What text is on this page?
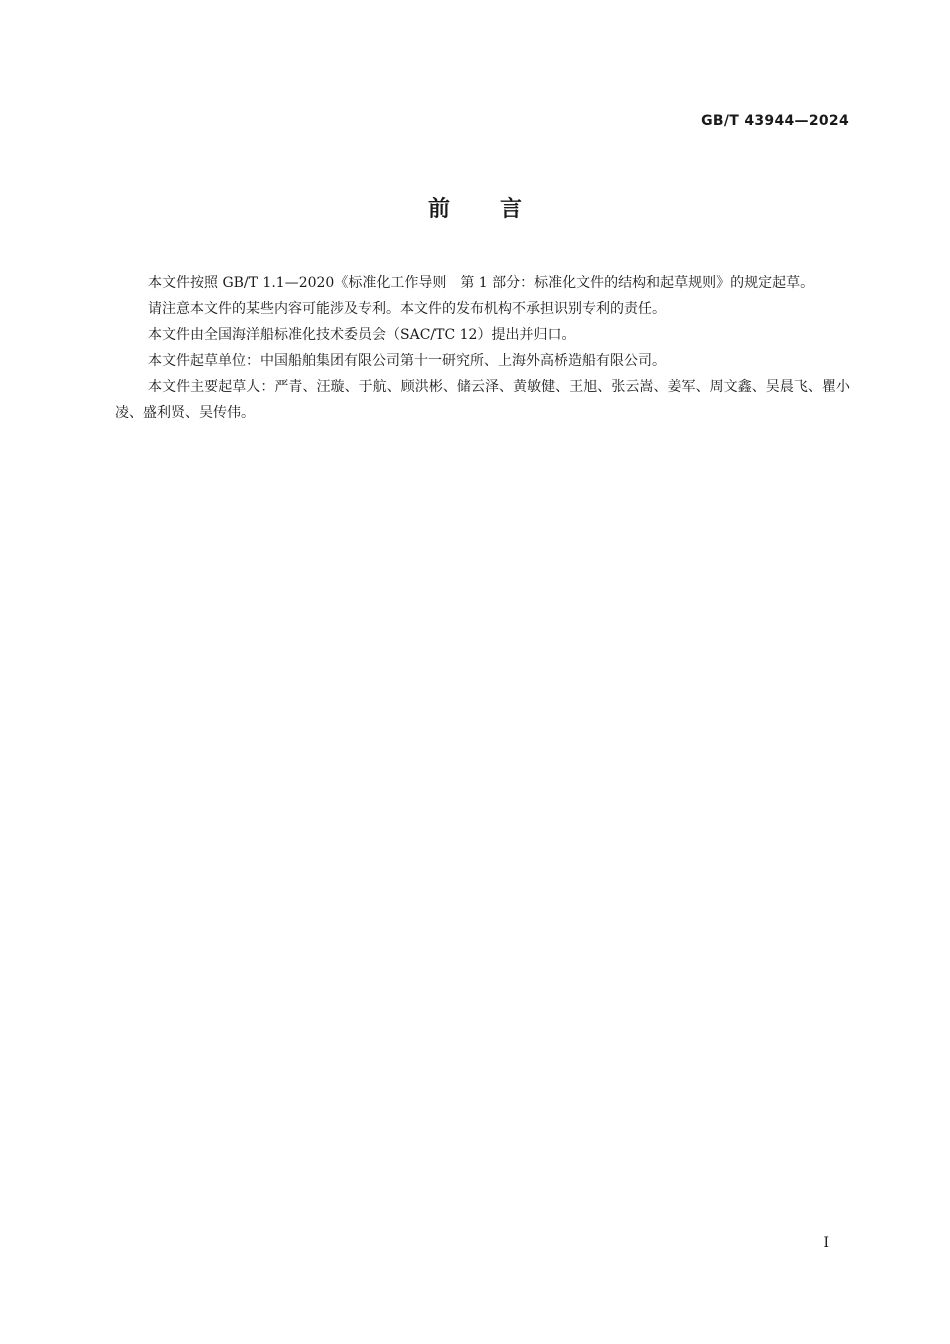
GB/T 43944—2024
前 言

本文件按照 GB/T 1.1—2020《标准化工作导则　第 1 部分：标准化文件的结构和起草规则》的规定起草。

请注意本文件的某些内容可能涉及专利。本文件的发布机构不承担识别专利的责任。

本文件由全国海洋船标准化技术委员会（SAC/TC 12）提出并归口。

本文件起草单位：中国船舶集团有限公司第十一研究所、上海外高桥造船有限公司。

本文件主要起草人：严青、汪璇、于航、顾洪彬、储云泽、黄敏健、王旭、张云嵩、姜军、周文鑫、吴晨飞、瞿小凌、盛利贤、吴传伟。

I
